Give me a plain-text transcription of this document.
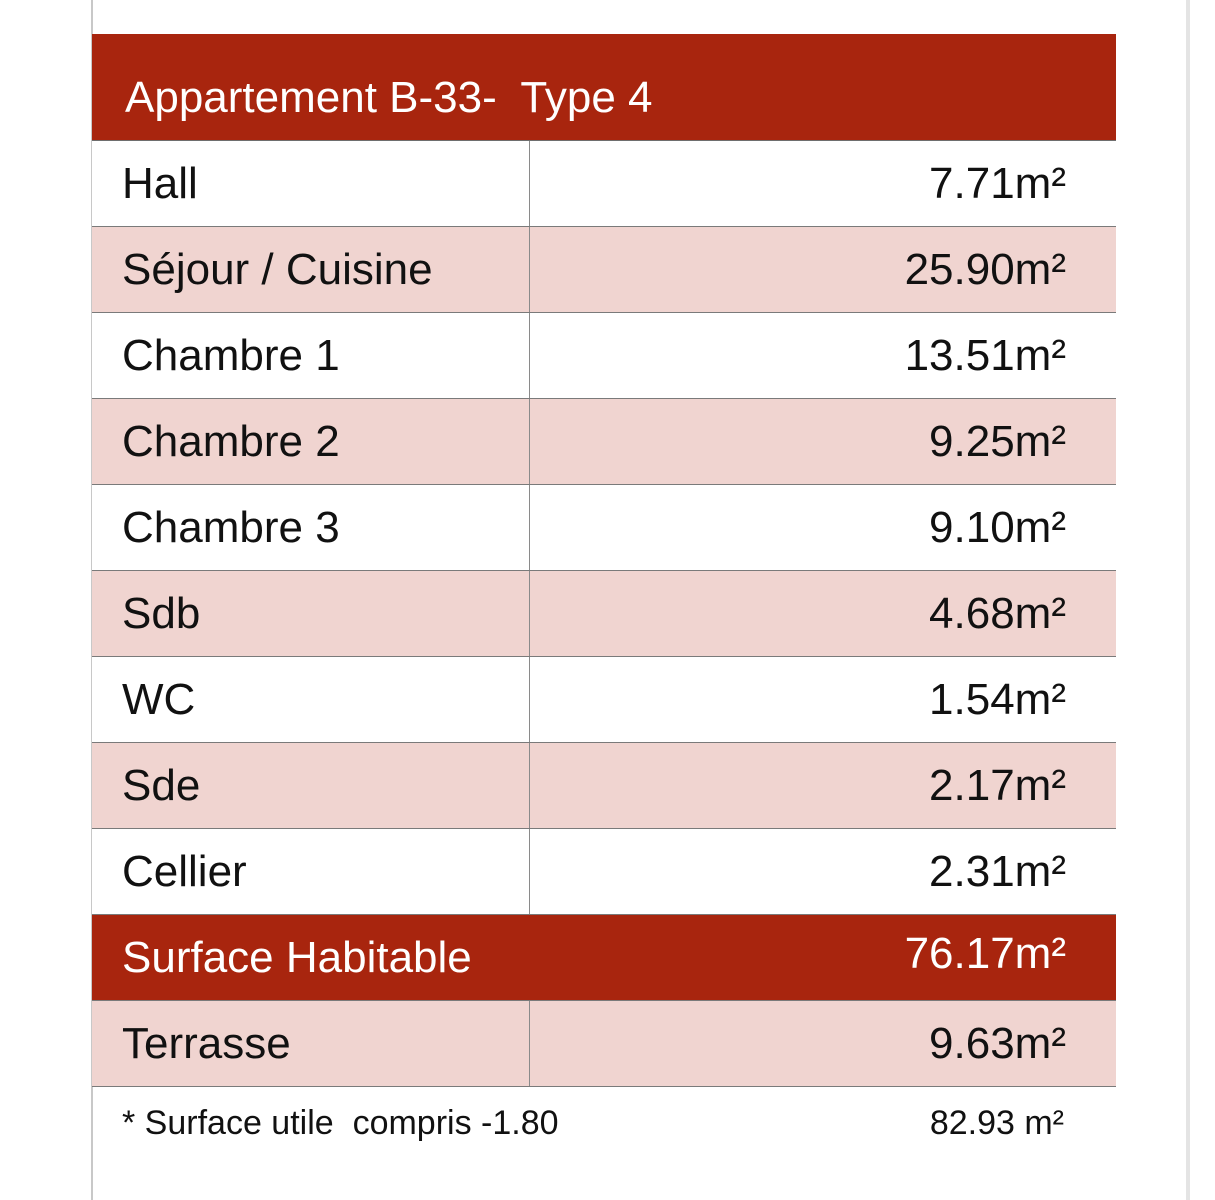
Appartement B-33-  Type 4
Hall	7.71m²
Séjour / Cuisine	25.90m²
Chambre 1	13.51m²
Chambre 2	9.25m²
Chambre 3	9.10m²
Sdb	4.68m²
WC	1.54m²
Sde	2.17m²
Cellier	2.31m²
Surface Habitable	76.17m²
Terrasse	9.63m²
* Surface utile  compris -1.80	82.93 m²
